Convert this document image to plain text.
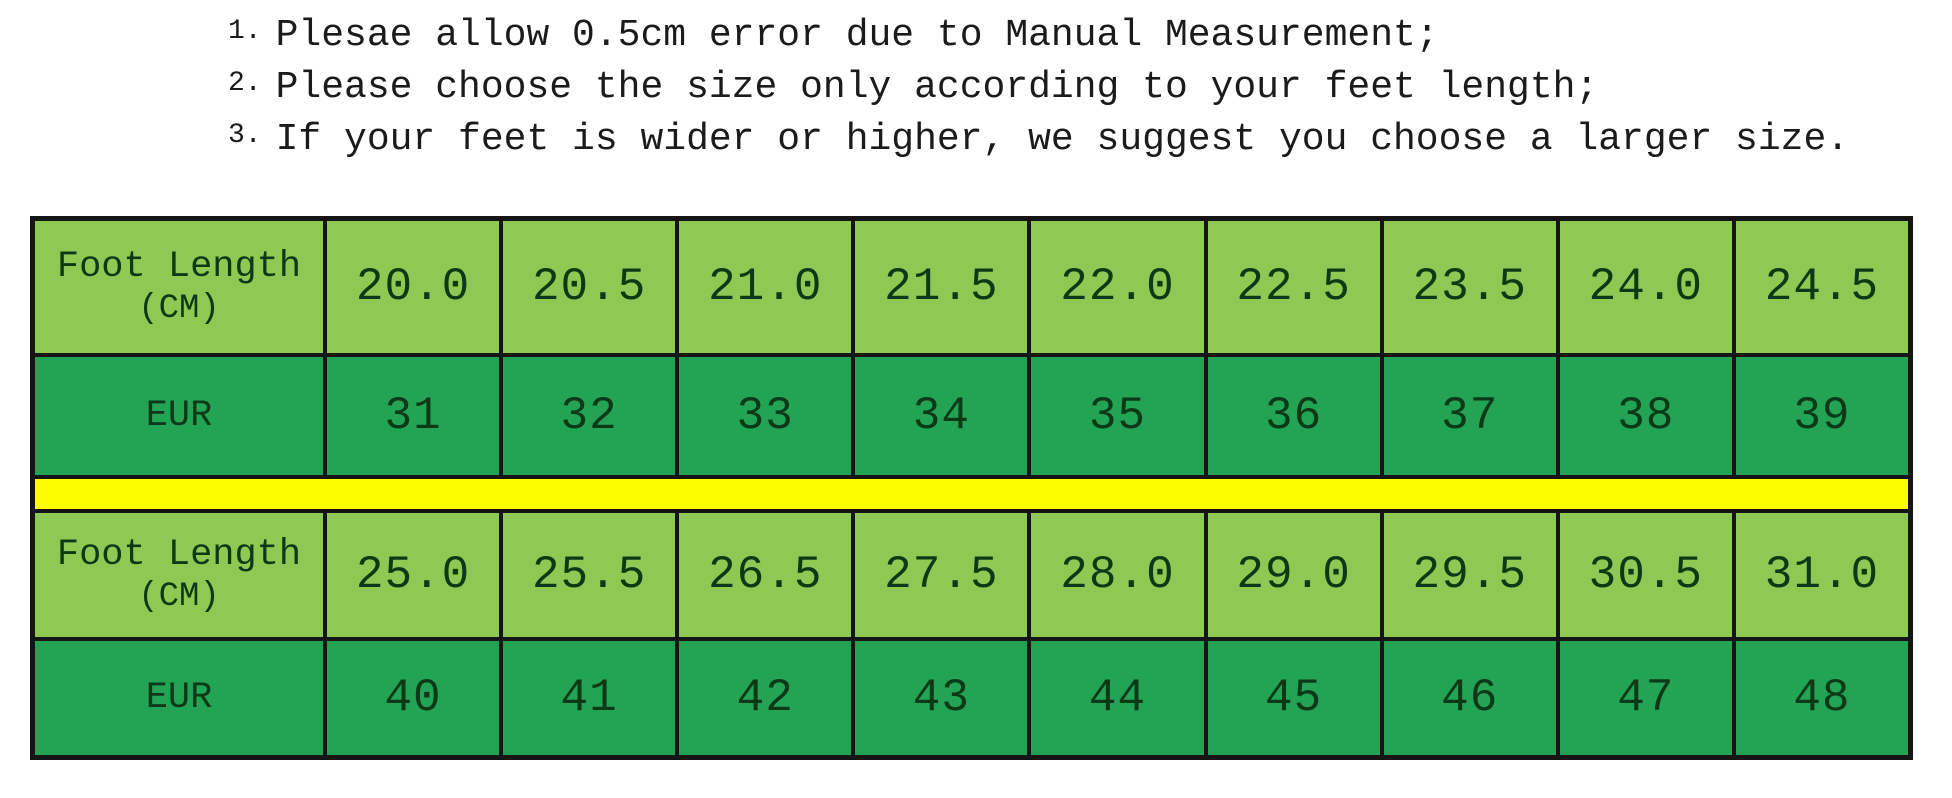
1. Plesae allow 0.5cm error due to Manual Measurement;
2. Please choose the size only according to your feet length;
3. If your feet is wider or higher, we suggest you choose a larger size.
Foot Length
(CM)	20.0	20.5	21.0	21.5	22.0	22.5	23.5	24.0	24.5
EUR	31	32	33	34	35	36	37	38	39
Foot Length
(CM)	25.0	25.5	26.5	27.5	28.0	29.0	29.5	30.5	31.0
EUR	40	41	42	43	44	45	46	47	48
